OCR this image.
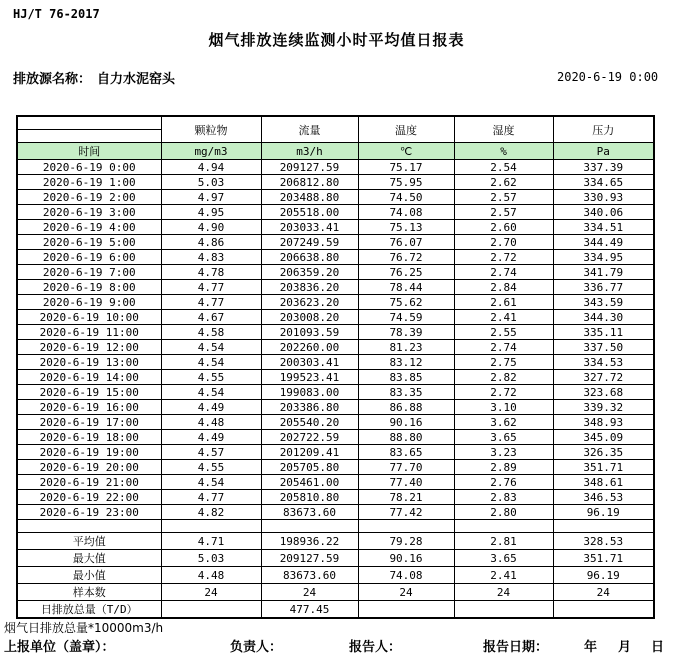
HJ/T 76-2017
烟气排放连续监测小时平均值日报表
排放源名称： 自力水泥窑头	2020-6-19 0:00
	颗粒物	流量	温度	湿度	压力

时间	mg/m3	m3/h	℃	%	Pa
2020-6-19 0:00	4.94	209127.59	75.17	2.54	337.39
2020-6-19 1:00	5.03	206812.80	75.95	2.62	334.65
2020-6-19 2:00	4.97	203488.80	74.50	2.57	330.93
2020-6-19 3:00	4.95	205518.00	74.08	2.57	340.06
2020-6-19 4:00	4.90	203033.41	75.13	2.60	334.51
2020-6-19 5:00	4.86	207249.59	76.07	2.70	344.49
2020-6-19 6:00	4.83	206638.80	76.72	2.72	334.95
2020-6-19 7:00	4.78	206359.20	76.25	2.74	341.79
2020-6-19 8:00	4.77	203836.20	78.44	2.84	336.77
2020-6-19 9:00	4.77	203623.20	75.62	2.61	343.59
2020-6-19 10:00	4.67	203008.20	74.59	2.41	344.30
2020-6-19 11:00	4.58	201093.59	78.39	2.55	335.11
2020-6-19 12:00	4.54	202260.00	81.23	2.74	337.50
2020-6-19 13:00	4.54	200303.41	83.12	2.75	334.53
2020-6-19 14:00	4.55	199523.41	83.85	2.82	327.72
2020-6-19 15:00	4.54	199083.00	83.35	2.72	323.68
2020-6-19 16:00	4.49	203386.80	86.88	3.10	339.32
2020-6-19 17:00	4.48	205540.20	90.16	3.62	348.93
2020-6-19 18:00	4.49	202722.59	88.80	3.65	345.09
2020-6-19 19:00	4.57	201209.41	83.65	3.23	326.35
2020-6-19 20:00	4.55	205705.80	77.70	2.89	351.71
2020-6-19 21:00	4.54	205461.00	77.40	2.76	348.61
2020-6-19 22:00	4.77	205810.80	78.21	2.83	346.53
2020-6-19 23:00	4.82	83673.60	77.42	2.80	96.19

平均值	4.71	198936.22	79.28	2.81	328.53
最大值	5.03	209127.59	90.16	3.65	351.71
最小值	4.48	83673.60	74.08	2.41	96.19
样本数	24	24	24	24	24
日排放总量（T/D）		477.45			
烟气日排放总量*10000m3/h
上报单位（盖章）：	负责人：	报告人：	报告日期：	年 月 日
